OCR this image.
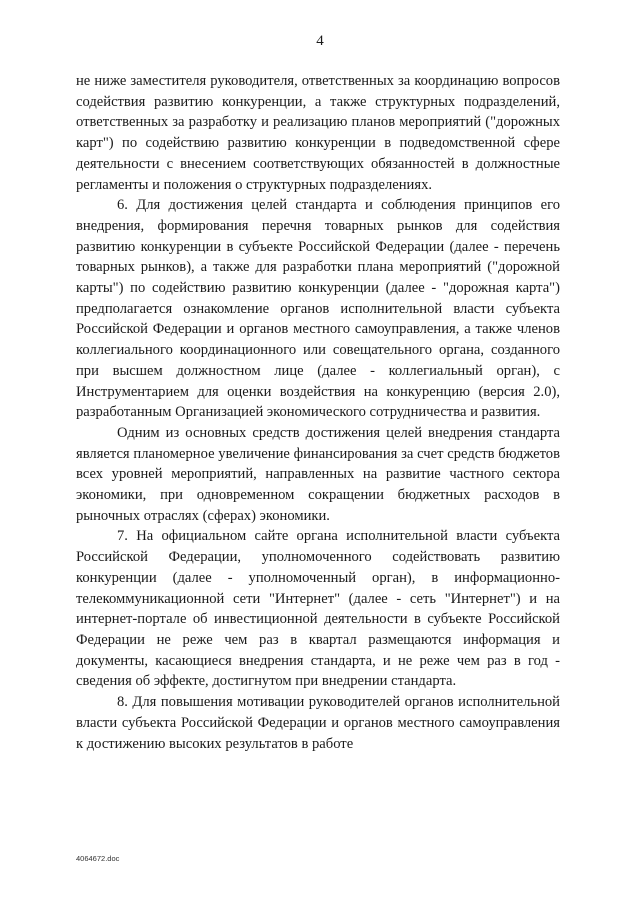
4

не ниже заместителя руководителя, ответственных за координацию вопросов содействия развитию конкуренции, а также структурных подразделений, ответственных за разработку и реализацию планов мероприятий ("дорожных карт") по содействию развитию конкуренции в подведомственной сфере деятельности с внесением соответствующих обязанностей в должностные регламенты и положения о структурных подразделениях.

6. Для достижения целей стандарта и соблюдения принципов его внедрения, формирования перечня товарных рынков для содействия развитию конкуренции в субъекте Российской Федерации (далее - перечень товарных рынков), а также для разработки плана мероприятий ("дорожной карты") по содействию развитию конкуренции (далее - "дорожная карта") предполагается ознакомление органов исполнительной власти субъекта Российской Федерации и органов местного самоуправления, а также членов коллегиального координационного или совещательного органа, созданного при высшем должностном лице (далее - коллегиальный орган), с Инструментарием для оценки воздействия на конкуренцию (версия 2.0), разработанным Организацией экономического сотрудничества и развития.

Одним из основных средств достижения целей внедрения стандарта является планомерное увеличение финансирования за счет средств бюджетов всех уровней мероприятий, направленных на развитие частного сектора экономики, при одновременном сокращении бюджетных расходов в рыночных отраслях (сферах) экономики.

7. На официальном сайте органа исполнительной власти субъекта Российской Федерации, уполномоченного содействовать развитию конкуренции (далее - уполномоченный орган), в информационно-телекоммуникационной сети "Интернет" (далее - сеть "Интернет") и на интернет-портале об инвестиционной деятельности в субъекте Российской Федерации не реже чем раз в квартал размещаются информация и документы, касающиеся внедрения стандарта, и не реже чем раз в год - сведения об эффекте, достигнутом при внедрении стандарта.

8. Для повышения мотивации руководителей органов исполнительной власти субъекта Российской Федерации и органов местного самоуправления к достижению высоких результатов в работе

4064672.doc
